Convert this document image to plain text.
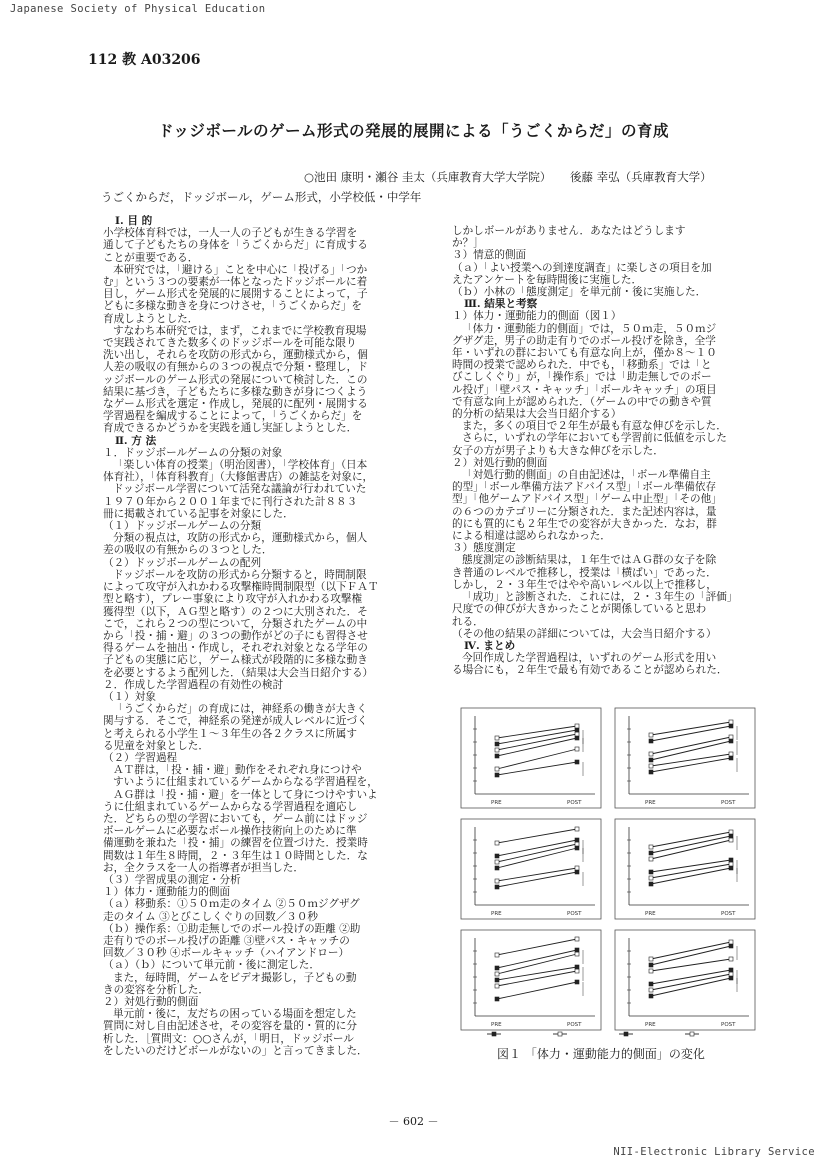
Japanese Society of Physical Education
112 教 A03206
ドッジボールのゲーム形式の発展的展開による「うごくからだ」の育成
○池田 康明・瀬谷 圭太（兵庫教育大学大学院） 後藤 幸弘（兵庫教育大学）
うごくからだ，ドッジボール，ゲーム形式，小学校低・中学年
Ⅰ. 目 的
小学校体育科では，一人一人の子どもが生きる学習を
通して子どもたちの身体を「うごくからだ」に育成する
ことが重要である．
本研究では，「避ける」ことを中心に「投げる」「つか
む」という３つの要素が一体となったドッジボールに着
目し，ゲーム形式を発展的に展開することによって，子
どもに多様な動きを身につけさせ，「うごくからだ」を
育成しようとした．
すなわち本研究では，まず，これまでに学校教育現場
で実践されてきた数多くのドッジボールを可能な限り
洗い出し，それらを攻防の形式から，運動様式から，個
人差の吸収の有無からの３つの視点で分類・整理し，ド
ッジボールのゲーム形式の発展について検討した．この
結果に基づき，子どもたちに多様な動きが身につくよう
なゲーム形式を選定・作成し，発展的に配列・展開する
学習過程を編成することによって，「うごくからだ」を
育成できるかどうかを実践を通し実証しようとした．
Ⅱ. 方 法
１．ドッジボールゲームの分類の対象
「楽しい体育の授業」（明治図書），「学校体育」（日本
体育社），「体育科教育」（大修館書店）の雑誌を対象に，
ドッジボール学習について活発な議論が行われていた
１９７０年から２００１年までに刊行された計８８３
冊に掲載されている記事を対象にした．
（１）ドッジボールゲームの分類
分類の視点は，攻防の形式から，運動様式から，個人
差の吸収の有無からの３つとした．
（２）ドッジボールゲームの配列
ドッジボールを攻防の形式から分類すると，時間制限
によって攻守が入れかわる攻撃権時間制限型（以下ＦＡＴ
型と略す），プレー事象により攻守が入れかわる攻撃権
獲得型（以下，ＡＧ型と略す）の２つに大別された．そ
こで，これら２つの型について，分類されたゲームの中
から「投・捕・避」の３つの動作がどの子にも習得させ
得るゲームを抽出・作成し，それぞれ対象となる学年の
子どもの実態に応じ，ゲーム様式が段階的に多様な動き
を必要とするよう配列した．（結果は大会当日紹介する）
２．作成した学習過程の有効性の検討
（１）対象
「うごくからだ」の育成には，神経系の働きが大きく
関与する．そこで，神経系の発達が成人レベルに近づく
と考えられる小学生１～３年生の各２クラスに所属す
る児童を対象とした．
（２）学習過程
ＡＴ群は，「投・捕・避」動作をそれぞれ身につけや
すいように仕組まれているゲームからなる学習過程を，
ＡＧ群は「投・捕・避」を一体として身につけやすいよ
うに仕組まれているゲームからなる学習過程を適応し
た．どちらの型の学習においても，ゲーム前にはドッジ
ボールゲームに必要なボール操作技術向上のために準
備運動を兼ねた「投・捕」の練習を位置づけた．授業時
間数は１年生８時間，２・３年生は１０時間とした．な
お，全クラスを一人の指導者が担当した．
（３）学習成果の測定・分析
１）体力・運動能力的側面
（ａ）移動系：①５０ｍ走のタイム ②５０ｍジグザグ
走のタイム ③とびこしくぐりの回数／３０秒
（ｂ）操作系：①助走無しでのボール投げの距離 ②助
走有りでのボール投げの距離 ③壁パス・キャッチの
回数／３０秒 ④ボールキャッチ（ハイアンドロー）
（ａ）（ｂ）について単元前・後に測定した．
また，毎時間，ゲームをビデオ撮影し，子どもの動
きの変容を分析した．
２）対処行動的側面
単元前・後に，友だちの困っている場面を想定した
質問に対し自由記述させ，その変容を量的・質的に分
析した．［質問文：○○さんが，「明日，ドッジボール
をしたいのだけどボールがないの」と言ってきました．
しかしボールがありません．あなたはどうします
か？］
３）情意的側面
（ａ）「よい授業への到達度調査」に楽しさの項目を加
えたアンケートを毎時間後に実施した．
（ｂ）小林の「態度測定」を単元前・後に実施した．
Ⅲ. 結果と考察
１）体力・運動能力的側面（図１）
「体力・運動能力的側面」では，５０ｍ走，５０ｍジ
グザグ走，男子の助走有りでのボール投げを除き，全学
年・いずれの群においても有意な向上が，僅か８～１０
時間の授業で認められた．中でも，「移動系」では「と
びこしくぐり」が，「操作系」では「助走無しでのボー
ル投げ」「壁パス・キャッチ」「ボールキャッチ」の項目
で有意な向上が認められた．（ゲームの中での動きや質
的分析の結果は大会当日紹介する）
また，多くの項目で２年生が最も有意な伸びを示した．
さらに，いずれの学年においても学習前に低値を示した
女子の方が男子よりも大きな伸びを示した．
２）対処行動的側面
「対処行動的側面」の自由記述は，「ボール準備自主
的型」「ボール準備方法アドバイス型」「ボール準備依存
型」「他ゲームアドバイス型」「ゲーム中止型」「その他」
の６つのカテゴリーに分類された．また記述内容は，量
的にも質的にも２年生での変容が大きかった．なお，群
による相違は認められなかった．
３）態度測定
態度測定の診断結果は，１年生ではＡＧ群の女子を除
き普通のレベルで推移し，授業は「横ばい」であった．
しかし，２・３年生ではやや高いレベル以上で推移し，
「成功」と診断された．これには，２・３年生の「評価」
尺度での伸びが大きかったことが関係していると思わ
れる．
（その他の結果の詳細については，大会当日紹介する）
Ⅳ. まとめ
今回作成した学習過程は，いずれのゲーム形式を用い
る場合にも，２年生で最も有効であることが認められた．
PRE	POST	PRE	POST
PRE	POST	PRE	POST
PRE	POST	PRE	POST
図１ 「体力・運動能力的側面」の変化
－ 602 －
NII-Electronic Library Service
